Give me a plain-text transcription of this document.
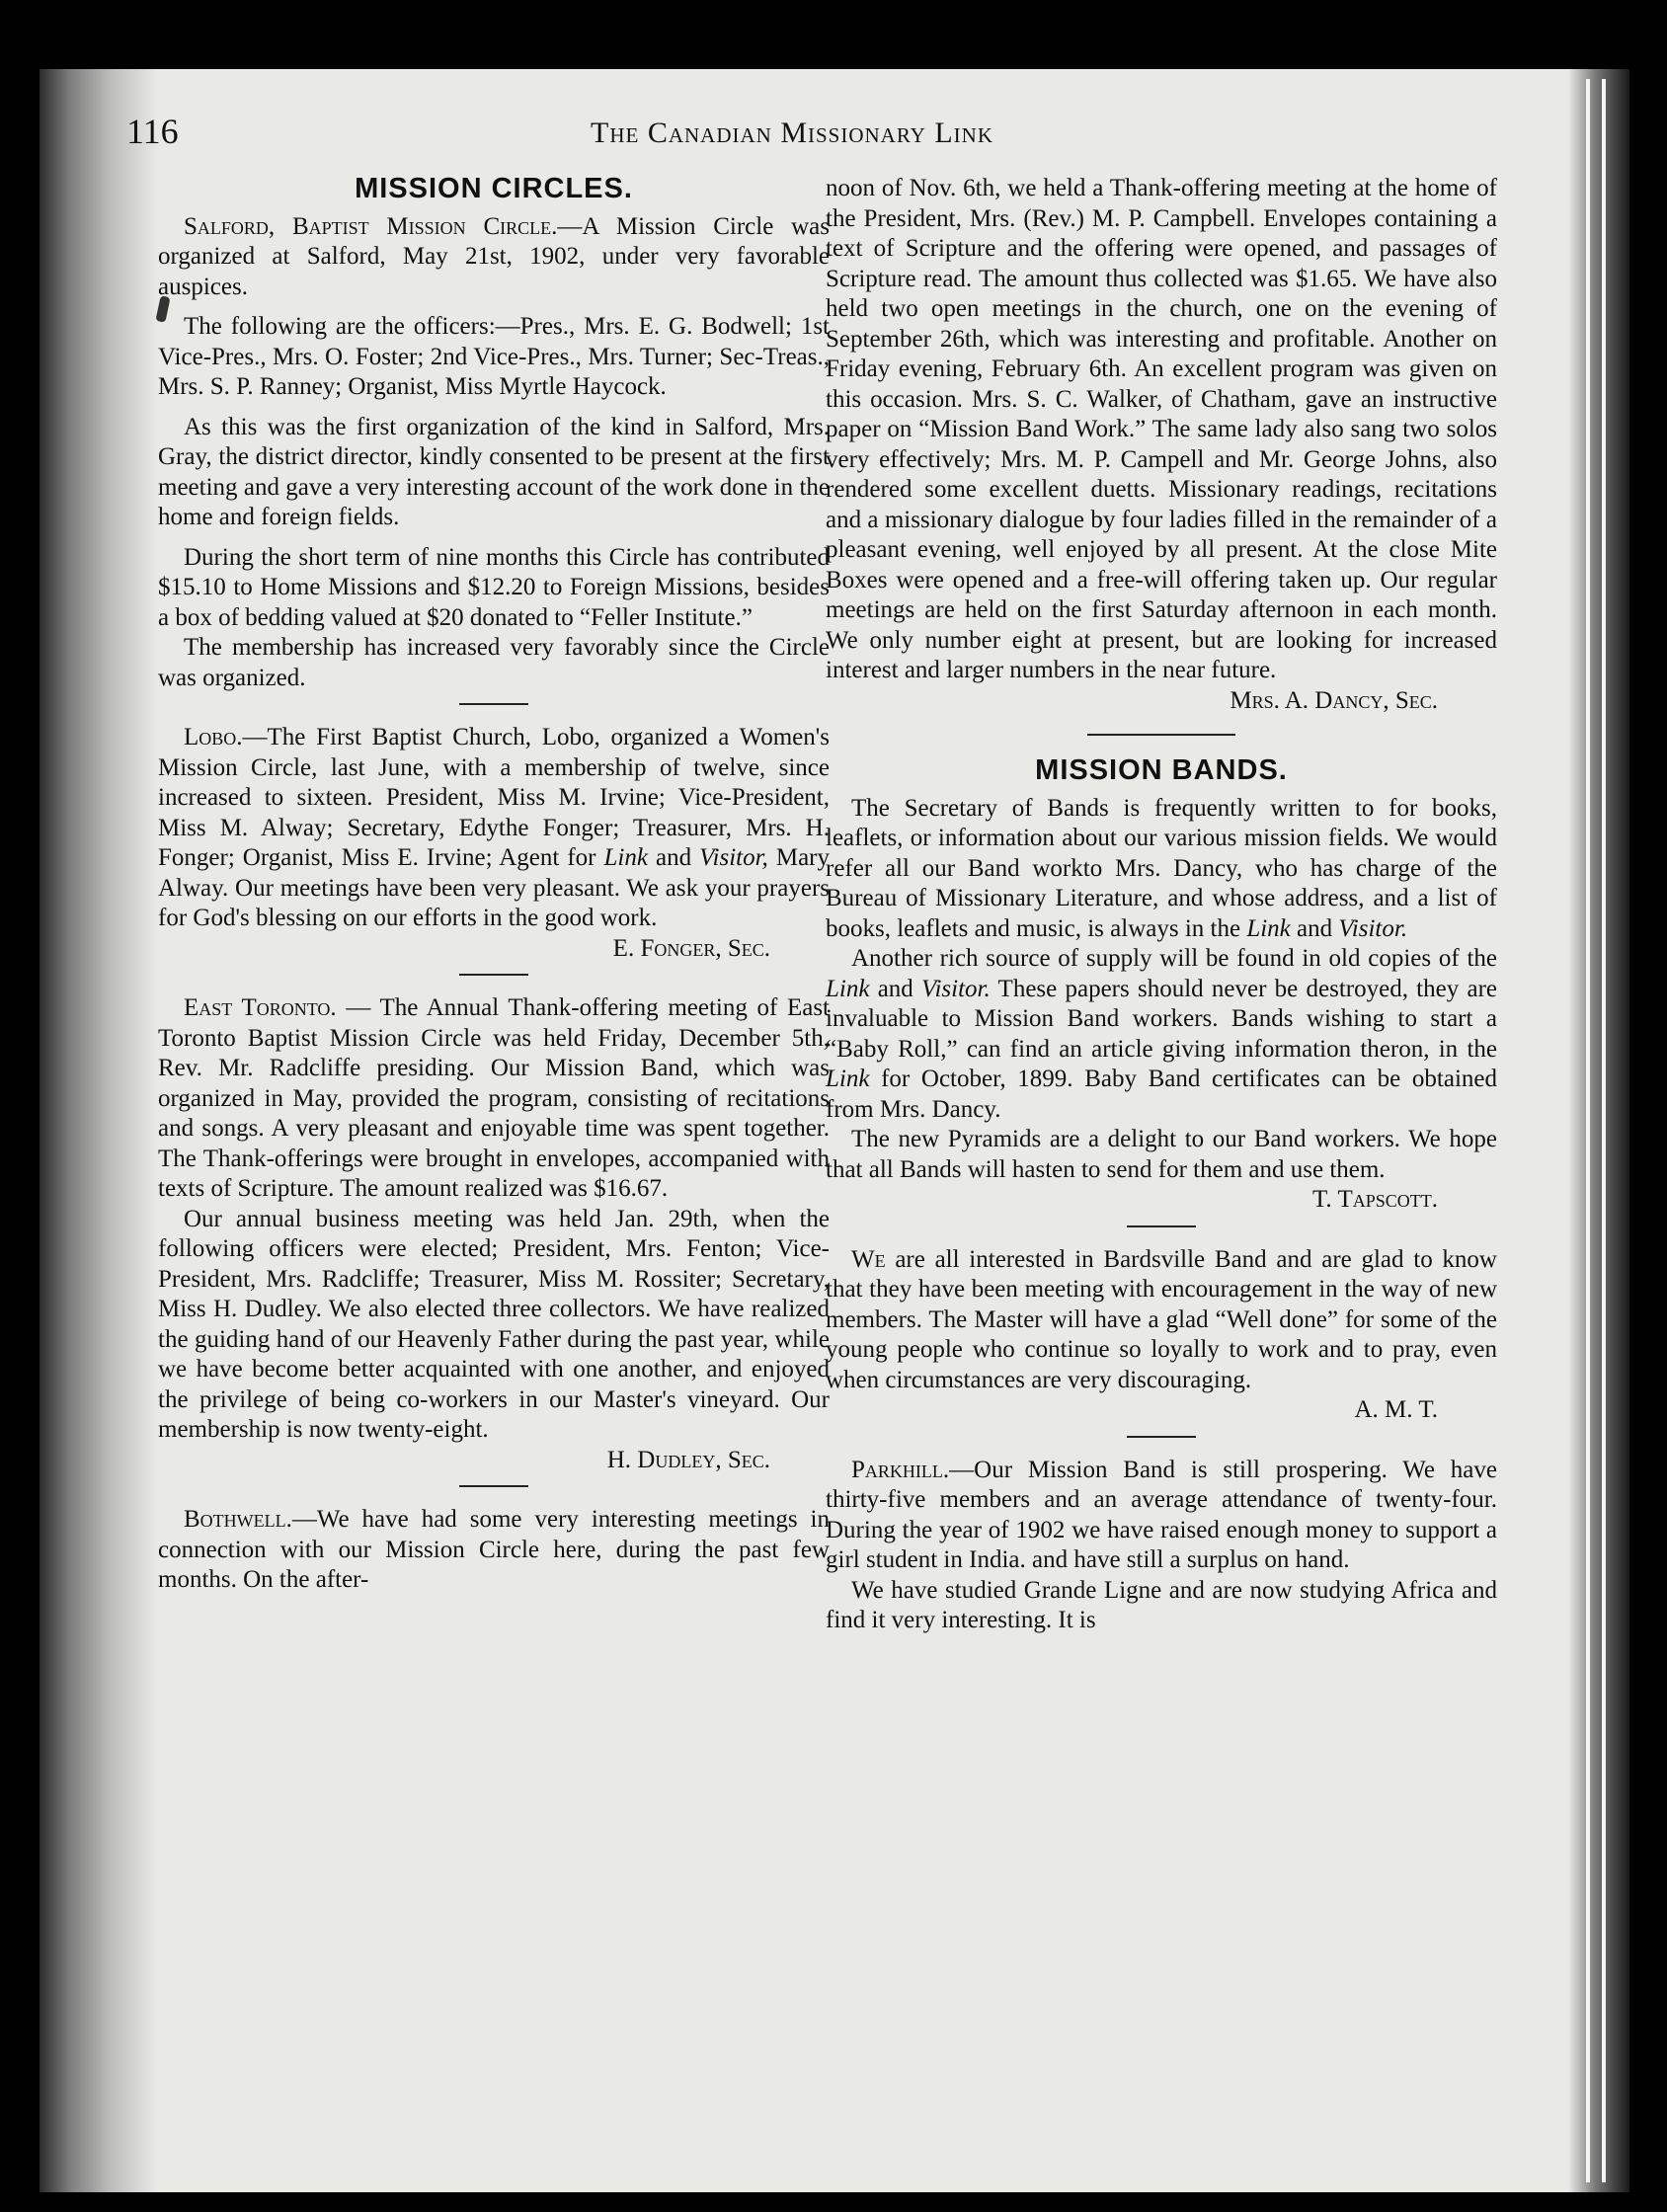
116	The Canadian Missionary Link
MISSION CIRCLES.

Salford, Baptist Mission Circle.—A Mission Circle was organized at Salford, May 21st, 1902, under very favorable auspices.

The following are the officers:—Pres., Mrs. E. G. Bodwell; 1st Vice-Pres., Mrs. O. Foster; 2nd Vice-Pres., Mrs. Turner; Sec-Treas., Mrs. S. P. Ranney; Organist, Miss Myrtle Haycock.

As this was the first organization of the kind in Salford, Mrs. Gray, the district director, kindly consented to be present at the first meeting and gave a very interesting account of the work done in the home and foreign fields.

During the short term of nine months this Circle has contributed $15.10 to Home Missions and $12.20 to Foreign Missions, besides a box of bedding valued at $20 donated to “Feller Institute.”

The membership has increased very favorably since the Circle was organized.

Lobo.—The First Baptist Church, Lobo, organized a Women's Mission Circle, last June, with a membership of twelve, since increased to sixteen. President, Miss M. Irvine; Vice-President, Miss M. Alway; Secretary, Edythe Fonger; Treasurer, Mrs. H. Fonger; Organist, Miss E. Irvine; Agent for Link and Visitor, Mary Alway. Our meetings have been very pleasant. We ask your prayers for God's blessing on our efforts in the good work.

E. Fonger, Sec.

East Toronto. — The Annual Thank-offering meeting of East Toronto Baptist Mission Circle was held Friday, December 5th, Rev. Mr. Radcliffe presiding. Our Mission Band, which was organized in May, provided the program, consisting of recitations and songs. A very pleasant and enjoyable time was spent together. The Thank-offerings were brought in envelopes, accompanied with texts of Scripture. The amount realized was $16.67.

Our annual business meeting was held Jan. 29th, when the following officers were elected; President, Mrs. Fenton; Vice-President, Mrs. Radcliffe; Treasurer, Miss M. Rossiter; Secretary, Miss H. Dudley. We also elected three collectors. We have realized the guiding hand of our Heavenly Father during the past year, while we have become better acquainted with one another, and enjoyed the privilege of being co-workers in our Master's vineyard. Our membership is now twenty-eight.

H. Dudley, Sec.

Bothwell.—We have had some very interesting meetings in connection with our Mission Circle here, during the past few months. On the after-

noon of Nov. 6th, we held a Thank-offering meeting at the home of the President, Mrs. (Rev.) M. P. Campbell. Envelopes containing a text of Scripture and the offering were opened, and passages of Scripture read. The amount thus collected was $1.65. We have also held two open meetings in the church, one on the evening of September 26th, which was interesting and profitable. Another on Friday evening, February 6th. An excellent program was given on this occasion. Mrs. S. C. Walker, of Chatham, gave an instructive paper on “Mission Band Work.” The same lady also sang two solos very effectively; Mrs. M. P. Campell and Mr. George Johns, also rendered some excellent duetts. Missionary readings, recitations and a missionary dialogue by four ladies filled in the remainder of a pleasant evening, well enjoyed by all present. At the close Mite Boxes were opened and a free-will offering taken up. Our regular meetings are held on the first Saturday afternoon in each month. We only number eight at present, but are looking for increased interest and larger numbers in the near future.

Mrs. A. Dancy, Sec.

MISSION BANDS.

The Secretary of Bands is frequently written to for books, leaflets, or information about our various mission fields. We would refer all our Band workto Mrs. Dancy, who has charge of the Bureau of Missionary Literature, and whose address, and a list of books, leaflets and music, is always in the Link and Visitor.

Another rich source of supply will be found in old copies of the Link and Visitor. These papers should never be destroyed, they are invaluable to Mission Band workers. Bands wishing to start a “Baby Roll,” can find an article giving information theron, in the Link for October, 1899. Baby Band certificates can be obtained from Mrs. Dancy.

The new Pyramids are a delight to our Band workers. We hope that all Bands will hasten to send for them and use them.

T. Tapscott.

We are all interested in Bardsville Band and are glad to know that they have been meeting with encouragement in the way of new members. The Master will have a glad “Well done” for some of the young people who continue so loyally to work and to pray, even when circumstances are very discouraging.

A. M. T.

Parkhill.—Our Mission Band is still prospering. We have thirty-five members and an average attendance of twenty-four. During the year of 1902 we have raised enough money to support a girl student in India. and have still a surplus on hand.

We have studied Grande Ligne and are now studying Africa and find it very interesting. It is
